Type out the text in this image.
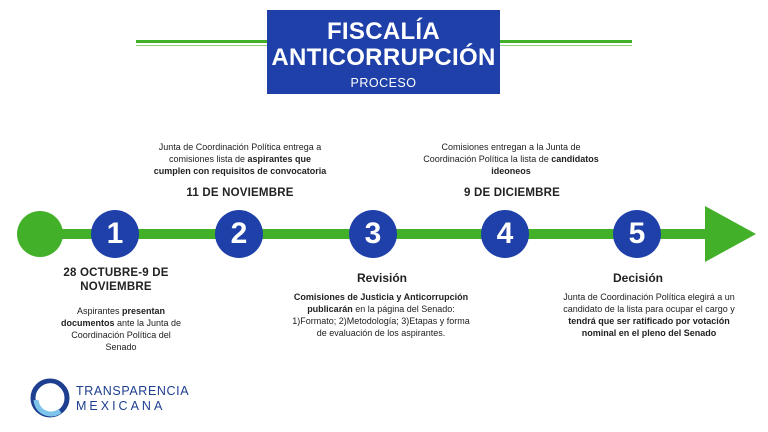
FISCALÍA
ANTICORRUPCIÓN
PROCESO
1	2	3	4	5
Junta de Coordinación Política entrega a comisiones lista de aspirantes que cumplen con requisitos de convocatoria
11 DE NOVIEMBRE
Comisiones entregan a la Junta de Coordinación Política la lista de candidatos ideoneos
9 DE DICIEMBRE
28 OCTUBRE-9 DE NOVIEMBRE
Aspirantes presentan documentos ante la Junta de Coordinación Política del Senado
Revisión
Comisiones de Justicia y Anticorrupción publicarán en la página del Senado: 1)Formato; 2)Metodología; 3)Etapas y forma de evaluación de los aspirantes.
Decisión
Junta de Coordinación Política elegirá a un candidato de la lista para ocupar el cargo y tendrá que ser ratificado por votación nominal en el pleno del Senado
TRANSPARENCIA
MEXICANA
